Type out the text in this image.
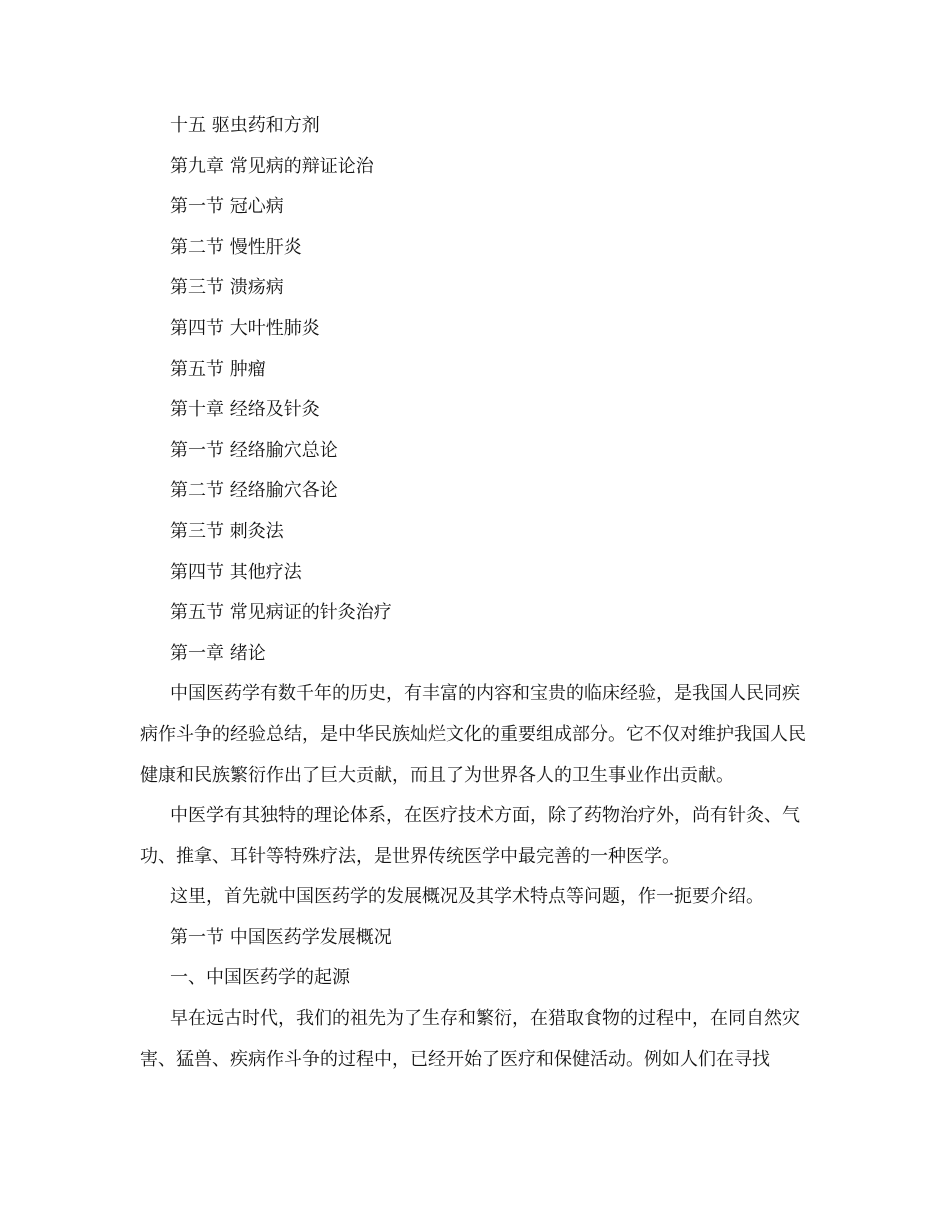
十五 驱虫药和方剂
第九章 常见病的辩证论治
第一节 冠心病
第二节 慢性肝炎
第三节 溃疡病
第四节 大叶性肺炎
第五节 肿瘤
第十章 经络及针灸
第一节 经络腧穴总论
第二节 经络腧穴各论
第三节 刺灸法
第四节 其他疗法
第五节 常见病证的针灸治疗
第一章 绪论

中国医药学有数千年的历史，有丰富的内容和宝贵的临床经验，是我国人民同疾病作斗争的经验总结，是中华民族灿烂文化的重要组成部分。它不仅对维护我国人民健康和民族繁衍作出了巨大贡献，而且了为世界各人的卫生事业作出贡献。

中医学有其独特的理论体系，在医疗技术方面，除了药物治疗外，尚有针灸、气功、推拿、耳针等特殊疗法，是世界传统医学中最完善的一种医学。

这里，首先就中国医药学的发展概况及其学术特点等问题，作一扼要介绍。

第一节 中国医药学发展概况
一、中国医药学的起源

早在远古时代，我们的祖先为了生存和繁衍，在猎取食物的过程中，在同自然灾害、猛兽、疾病作斗争的过程中，已经开始了医疗和保健活动。例如人们在寻找
